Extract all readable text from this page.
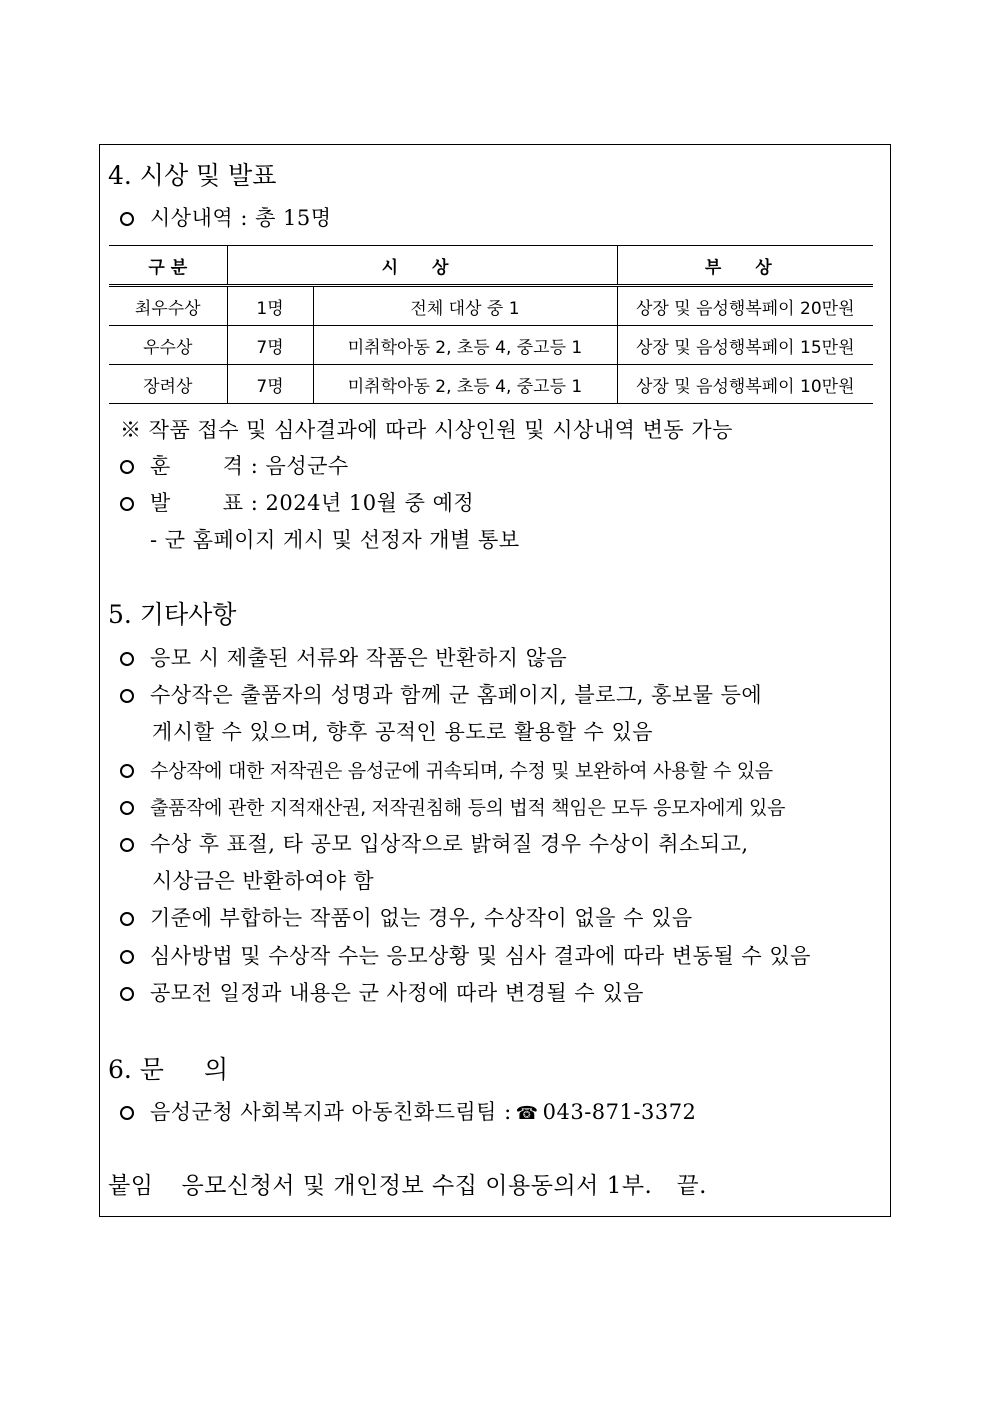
4. 시상 및 발표
시상내역 : 총 15명
구 분	시 상		부 상
최우수상	1명	전체 대상 중 1	상장 및 음성행복페이 20만원
우수상	7명	미취학아동 2, 초등 4, 중고등 1	상장 및 음성행복페이 15만원
장려상	7명	미취학아동 2, 초등 4, 중고등 1	상장 및 음성행복페이 10만원
※ 작품 접수 및 심사결과에 따라 시상인원 및 시상내역 변동 가능
훈 격 : 음성군수
발 표 : 2024년 10월 중 예정
- 군 홈페이지 게시 및 선정자 개별 통보
5. 기타사항
응모 시 제출된 서류와 작품은 반환하지 않음
수상작은 출품자의 성명과 함께 군 홈페이지, 블로그, 홍보물 등에
게시할 수 있으며, 향후 공적인 용도로 활용할 수 있음
수상작에 대한 저작권은 음성군에 귀속되며, 수정 및 보완하여 사용할 수 있음
출품작에 관한 지적재산권, 저작권침해 등의 법적 책임은 모두 응모자에게 있음
수상 후 표절, 타 공모 입상작으로 밝혀질 경우 수상이 취소되고,
시상금은 반환하여야 함
기준에 부합하는 작품이 없는 경우, 수상작이 없을 수 있음
심사방법 및 수상작 수는 응모상황 및 심사 결과에 따라 변동될 수 있음
공모전 일정과 내용은 군 사정에 따라 변경될 수 있음
6. 문 의
음성군청 사회복지과 아동친화드림팀 : ☎ 043-871-3372
붙임 응모신청서 및 개인정보 수집 이용동의서 1부. 끝.
